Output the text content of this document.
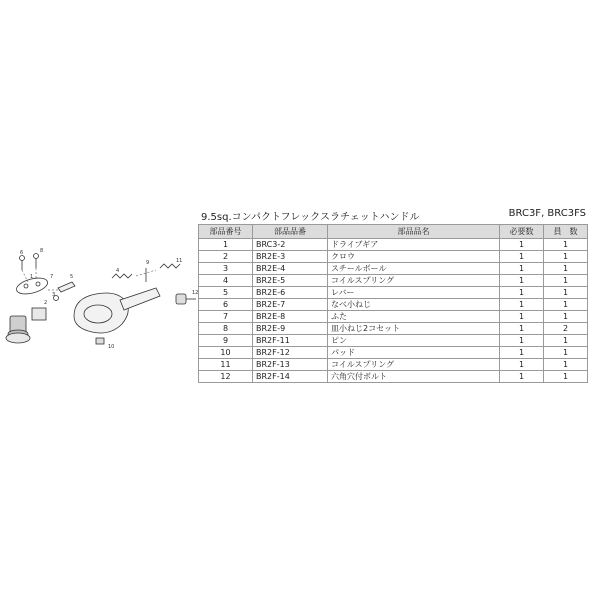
1
2
3
4
5
6
7
8
9
10
11
12
9.5sq.コンパクトフレックスラチェットハンドル	BRC3F, BRC3FS
部品番号	部品品番	部品品名	必要数	員　数
1	BRC3-2	ドライブギア	1	1
2	BR2E-3	クロウ	1	1
3	BR2E-4	スチールボール	1	1
4	BR2E-5	コイルスプリング	1	1
5	BR2E-6	レバー	1	1
6	BR2E-7	なべ小ねじ	1	1
7	BR2E-8	ふた	1	1
8	BR2E-9	皿小ねじ2コセット	1	2
9	BR2F-11	ピン	1	1
10	BR2F-12	パッド	1	1
11	BR2F-13	コイルスプリング	1	1
12	BR2F-14	六角穴付ボルト	1	1
